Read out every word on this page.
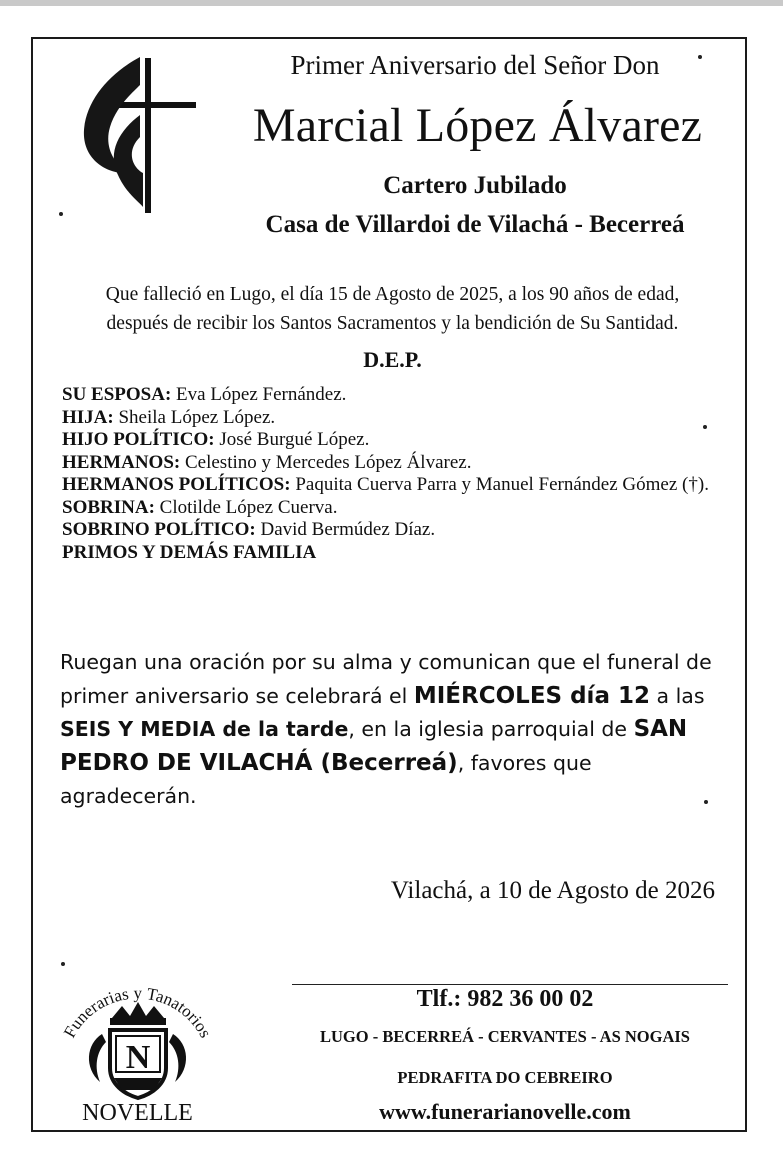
Primer Aniversario del Señor Don
Marcial López Álvarez
Cartero Jubilado
Casa de Villardoi de Vilachá - Becerreá
Que falleció en Lugo, el día 15 de Agosto de 2025, a los 90 años de edad,
después de recibir los Santos Sacramentos y la bendición de Su Santidad.
D.E.P.
SU ESPOSA: Eva López Fernández.
HIJA: Sheila López López.
HIJO POLÍTICO: José Burgué López.
HERMANOS: Celestino y Mercedes López Álvarez.
HERMANOS POLÍTICOS: Paquita Cuerva Parra y Manuel Fernández Gómez (†).
SOBRINA: Clotilde López Cuerva.
SOBRINO POLÍTICO: David Bermúdez Díaz.
PRIMOS Y DEMÁS FAMILIA
Ruegan una oración por su alma y comunican que el funeral de primer aniversario se celebrará el MIÉRCOLES día 12 a las SEIS Y MEDIA de la tarde, en la iglesia parroquial de SAN PEDRO DE VILACHÁ (Becerreá), favores que agradecerán.
Vilachá, a 10 de Agosto de 2026
Funerarias y Tanatorios
N
NOVELLE
Tlf.: 982 36 00 02
LUGO - BECERREÁ - CERVANTES - AS NOGAIS
PEDRAFITA DO CEBREIRO
www.funerarianovelle.com
